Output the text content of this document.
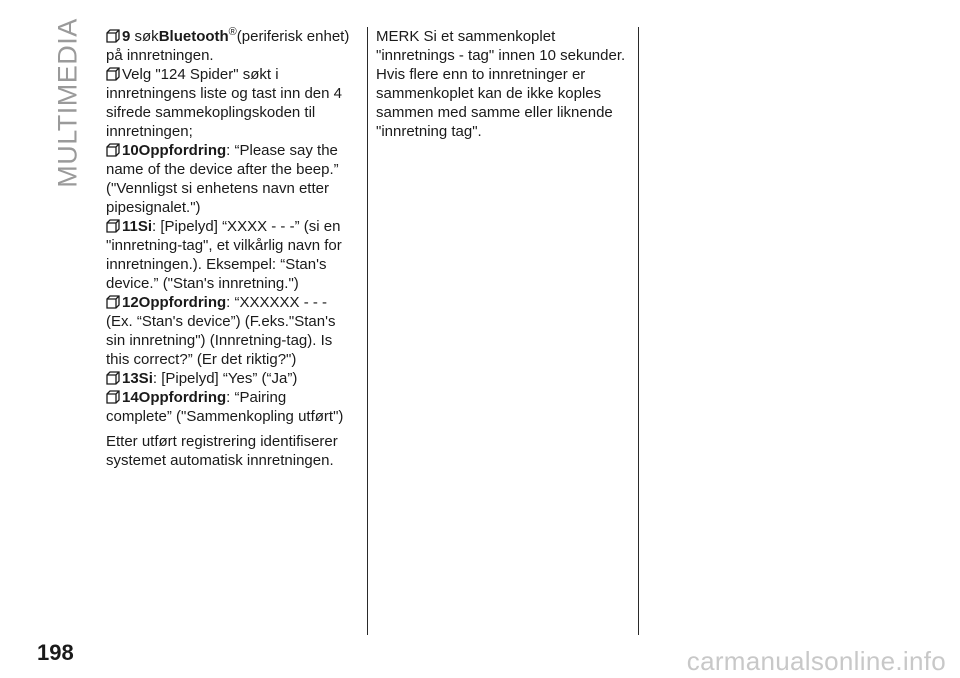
MULTIMEDIA	9 søkBluetooth®(periferisk enhet) på innretningen.

Velg "124 Spider" søkt i innretningens liste og tast inn den 4 sifrede sammekoplingskoden til innretningen;

10Oppfordring: “Please say the name of the device after the beep.” ("Vennligst si enhetens navn etter pipesignalet.")

11Si: [Pipelyd] “XXXX - - -” (si en "innretning-tag", et vilkårlig navn for innretningen.). Eksempel: “Stan's device.” ("Stan's innretning.")

12Oppfordring: “XXXXXX - - - (Ex. “Stan's device”) (F.eks."Stan's sin innretning") (Innretning-tag). Is this correct?” (Er det riktig?")

13Si: [Pipelyd] “Yes” (“Ja”)

14Oppfordring: “Pairing complete” ("Sammenkopling utført")

Etter utført registrering identifiserer systemet automatisk innretningen.

MERK Si et sammenkoplet "innretnings - tag" innen 10 sekunder. Hvis flere enn to innretninger er sammenkoplet kan de ikke koples sammen med samme eller liknende "innretning tag".

198	carmanualsonline.info
